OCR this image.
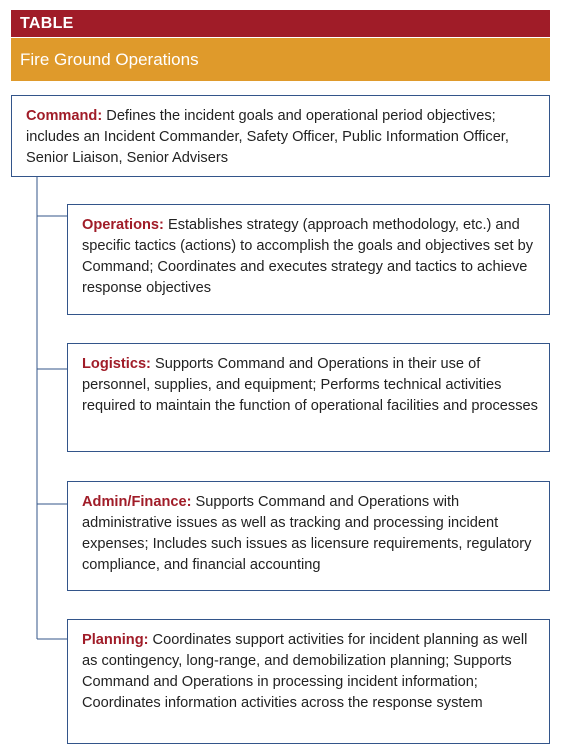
TABLE
Fire Ground Operations
Command: Defines the incident goals and operational period objectives; includes an Incident Commander, Safety Officer, Public Information Officer, Senior Liaison, Senior Advisers
Operations: Establishes strategy (approach methodology, etc.) and specific tactics (actions) to accomplish the goals and objectives set by Command; Coordinates and executes strategy and tactics to achieve response objectives
Logistics: Supports Command and Operations in their use of personnel, supplies, and equipment; Performs technical activities required to maintain the function of operational facilities and processes
Admin/Finance: Supports Command and Operations with administrative issues as well as tracking and processing incident expenses; Includes such issues as licensure requirements, regulatory compliance, and financial accounting
Planning: Coordinates support activities for incident planning as well as contingency, long-range, and demobilization planning; Supports Command and Operations in processing incident information; Coordinates information activities across the response system
